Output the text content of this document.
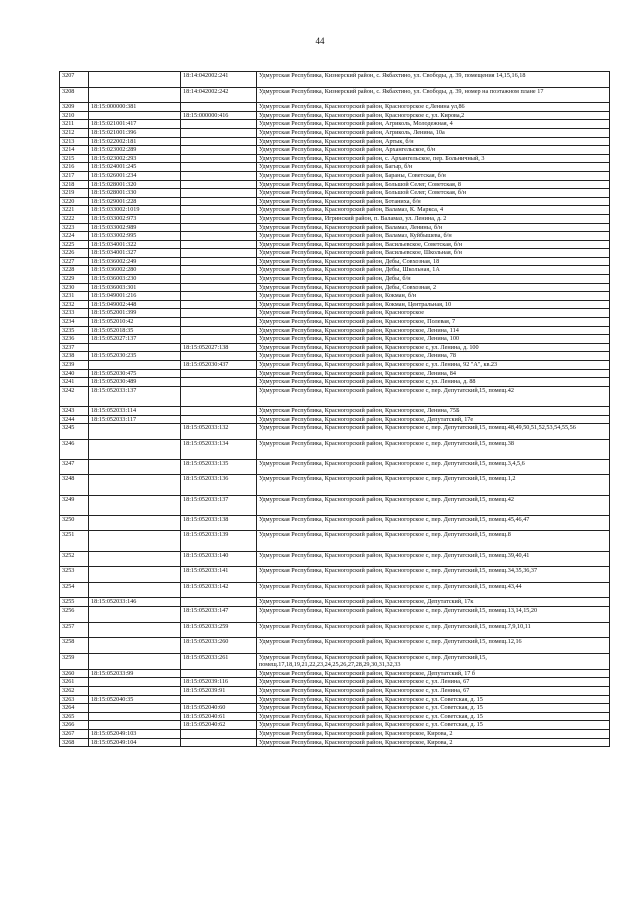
44
3207		18:14:042002:241	Удмуртская Республика, Кизнерский район, с. Якбахтино, ул. Свободы, д. 39, помещения 14,15,16,18
3208		18:14:042002:242	Удмуртская Республика, Кизнерский район, с. Якбахтино, ул. Свободы, д. 39, номер на поэтажном плане 17
3209	18:15:000000:381		Удмуртская Республика, Красногорский район, Красногорское с,Ленина ул,86
3210		18:15:000000:416	Удмуртская Республика, Красногорский район, Красногорское с, ул. Кирова,2
3211	18:15:021001:417		Удмуртская Республика, Красногорский район, Агриколь, Молодежная, 4
3212	18:15:021001:396		Удмуртская Республика, Красногорский район, Агриколь, Ленина, 10а
3213	18:15:022002:181		Удмуртская Республика, Красногорский район, Артык, б/н
3214	18:15:023002:289		Удмуртская Республика, Красногорский район, Архангельское, б/н
3215	18:15:023002:293		Удмуртская Республика, Красногорский район, с. Архангельское, пер. Больничный, 3
3216	18:15:024001:245		Удмуртская Республика, Красногорский район, Багыр, б/н
3217	18:15:026001:234		Удмуртская Республика, Красногорский район, Бараны, Советская, б/н
3218	18:15:028001:320		Удмуртская Республика, Красногорский район, Большой Селег, Советская, 8
3219	18:15:028001:330		Удмуртская Республика, Красногорский район, Большой Селег, Советская, б/н
3220	18:15:029001:228		Удмуртская Республика, Красногорский район, Ботаниха, б/н
3221	18:15:033002:1019		Удмуртская Республика, Красногорский район, Валамаз, К. Маркса, 4
3222	18:15:033002:973		Удмуртская Республика, Игринский район, п. Валамаз, ул. Ленина, д. 2
3223	18:15:033002:989		Удмуртская Республика, Красногорский район, Валамаз, Ленины, б/н
3224	18:15:033002:995		Удмуртская Республика, Красногорский район, Валамаз, Куйбышева, б/н
3225	18:15:034001:322		Удмуртская Республика, Красногорский район, Васильевское, Советская, б/н
3226	18:15:034001:327		Удмуртская Республика, Красногорский район, Васильевское, Школьная, б/н
3227	18:15:036002:249		Удмуртская Республика, Красногорский район, Дебы, Совхозная, 18
3228	18:15:036002:280		Удмуртская Республика, Красногорский район, Дебы, Школьная, 1А
3229	18:15:036003:230		Удмуртская Республика, Красногорский район, Дебы, б/н
3230	18:15:036003:301		Удмуртская Республика, Красногорский район, Дебы, Совхозная, 2
3231	18:15:049001:216		Удмуртская Республика, Красногорский район, Кокман, б/н
3232	18:15:049002:448		Удмуртская Республика, Красногорский район, Кокман, Центральная, 10
3233	18:15:052001:399		Удмуртская Республика, Красногорский район, Красногорское
3234	18:15:052010:42		Удмуртская Республика, Красногорский район, Красногорское, Полевая, 7
3235	18:15:052018:35		Удмуртская Республика, Красногорский район, Красногорское, Ленина, 114
3236	18:15:052027:137		Удмуртская Республика, Красногорский район, Красногорское, Ленина, 100
3237		18:15:052027:138	Удмуртская Республика, Красногорский район, Красногорское с, ул. Ленина, д. 100
3238	18:15:052030:235		Удмуртская Республика, Красногорский район, Красногорское, Ленина, 78
3239		18:15:052030:437	Удмуртская Республика, Красногорский район, Красногорское с, ул. Ленина, 92 "А", кв.23
3240	18:15:052030:475		Удмуртская Республика, Красногорский район, Красногорское, Ленина, 84
3241	18:15:052030:489		Удмуртская Республика, Красногорский район, Красногорское с, ул. Ленина, д. 88
3242	18:15:052033:137		Удмуртская Республика, Красногорский район, Красногорское с, пер. Депутатский,15, помещ.42
3243	18:15:052033:114		Удмуртская Республика, Красногорский район, Красногорское, Ленина, 75Б
3244	18:15:052033:117		Удмуртская Республика, Красногорский район, Красногорское, Депутатский, 17е
3245		18:15:052033:132	Удмуртская Республика, Красногорский район, Красногорское с, пер. Депутатский,15, помещ.48,49,50,51,52,53,54,55,56
3246		18:15:052033:134	Удмуртская Республика, Красногорский район, Красногорское с, пер. Депутатский,15, помещ.38
3247		18:15:052033:135	Удмуртская Республика, Красногорский район, Красногорское с, пер. Депутатский,15, помещ.3,4,5,6
3248		18:15:052033:136	Удмуртская Республика, Красногорский район, Красногорское с, пер. Депутатский,15, помещ.1,2
3249		18:15:052033:137	Удмуртская Республика, Красногорский район, Красногорское с, пер. Депутатский,15, помещ.42
3250		18:15:052033:138	Удмуртская Республика, Красногорский район, Красногорское с, пер. Депутатский,15, помещ.45,46,47
3251		18:15:052033:139	Удмуртская Республика, Красногорский район, Красногорское с, пер. Депутатский,15, помещ.8
3252		18:15:052033:140	Удмуртская Республика, Красногорский район, Красногорское с, пер. Депутатский,15, помещ.39,40,41
3253		18:15:052033:141	Удмуртская Республика, Красногорский район, Красногорское с, пер. Депутатский,15, помещ.34,35,36,37
3254		18:15:052033:142	Удмуртская Республика, Красногорский район, Красногорское с, пер. Депутатский,15, помещ.43,44
3255	18:15:052033:146		Удмуртская Республика, Красногорский район, Красногорское, Депутатский, 17к
3256		18:15:052033:147	Удмуртская Республика, Красногорский район, Красногорское с, пер. Депутатский,15, помещ.13,14,15,20
3257		18:15:052033:259	Удмуртская Республика, Красногорский район, Красногорское с, пер. Депутатский,15, помещ.7,9,10,11
3258		18:15:052033:260	Удмуртская Республика, Красногорский район, Красногорское с, пер. Депутатский,15, помещ.12,16
3259		18:15:052033:261	Удмуртская Республика, Красногорский район, Красногорское с, пер. Депутатский,15, помещ.17,18,19,21,22,23,24,25,26,27,28,29,30,31,32,33
3260	18:15:052033:99		Удмуртская Республика, Красногорский район, Красногорское, Депутатский, 17 б
3261		18:15:052039:116	Удмуртская Республика, Красногорский район, Красногорское с, ул. Ленина, 67
3262		18:15:052039:91	Удмуртская Республика, Красногорский район, Красногорское с, ул. Ленина, 67
3263	18:15:052040:35		Удмуртская Республика, Красногорский район, Красногорское с, ул. Советская, д. 15
3264		18:15:052040:60	Удмуртская Республика, Красногорский район, Красногорское с, ул. Советская, д. 15
3265		18:15:052040:61	Удмуртская Республика, Красногорский район, Красногорское с, ул. Советская, д. 15
3266		18:15:052040:62	Удмуртская Республика, Красногорский район, Красногорское с, ул. Советская, д. 15
3267	18:15:052049:103		Удмуртская Республика, Красногорский район, Красногорское, Кирова, 2
3268	18:15:052049:104		Удмуртская Республика, Красногорский район, Красногорское, Кирова, 2
